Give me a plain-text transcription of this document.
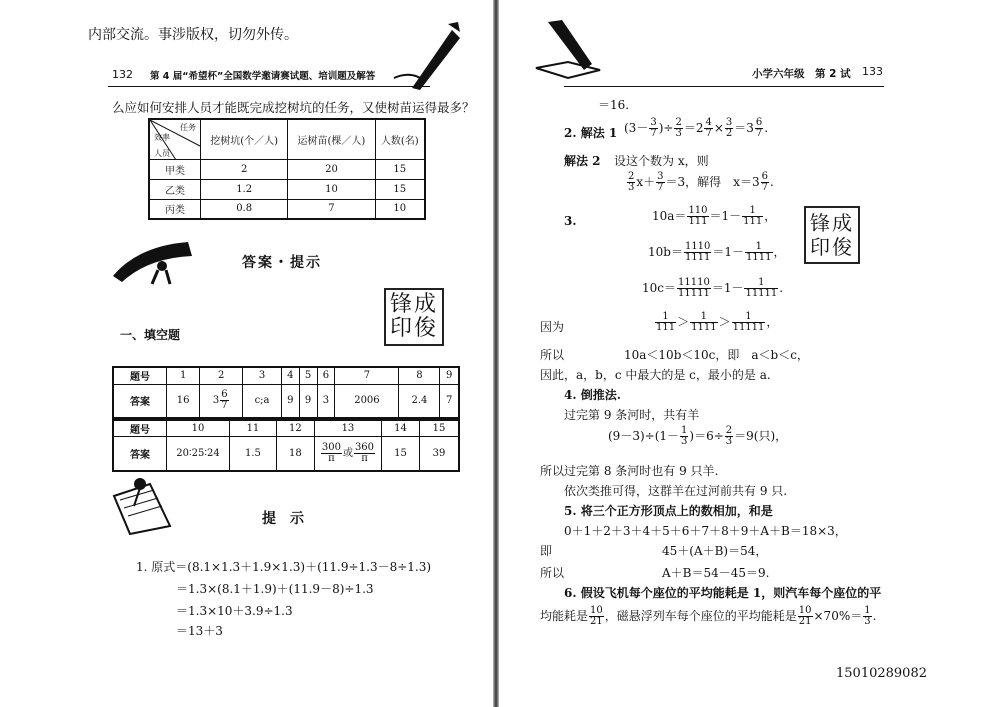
内部交流。事涉版权，切勿外传。
132 第 4 届“希望杯”全国数学邀请赛试题、培训题及解答
么应如何安排人员才能既完成挖树坑的任务，又使树苗运得最多？
任务
效率
人员	挖树坑(个／人)	运树苗(棵／人)	人数(名)
甲类	2	20	15
乙类	1.2	10	15
丙类	0.8	7	10
答案・提示
锋成
印俊
一、填空题
题号	1	2	3	4	5	6	7	8	9
答案	16	$3 \frac{6}{7}$	c;a	9	9	3	2006	2.4	7
题号	10	11	12	13	14	15
答案	20∶25∶24	1.5	18	$\frac{300}{\pi}$ 或 $\frac{360}{\pi}$	15	39
提　示
1. 原式＝(8.1×1.3＋1.9×1.3)＋(11.9÷1.3－8÷1.3)
＝1.3×(8.1＋1.9)＋(11.9－8)÷1.3
＝1.3×10＋3.9÷1.3
＝13＋3
小学六年级　第 2 试 133
＝16.
2. 解法 1 ($3- \frac{3}{7}$ )÷ $\frac{2}{3} =2 \frac{4}{7} \times \frac{3}{2} =3 \frac{6}{7}$ .
解法 2 设这个数为 x，则
$\frac{2}{3} x+ \frac{3}{7} =3$，解得　 $x=3 \frac{6}{7}$ .
3.	$10a= \frac{110}{111} =1- \frac{1}{111}$ ，
$10b= \frac{1110}{1111} =1- \frac{1}{1111}$ ，
$10c= \frac{11110}{11111} =1- \frac{1}{11111}$ .
锋成
印俊
因为	$\frac{1}{111} > \frac{1}{1111} > \frac{1}{11111}$ ，
所以	10a＜10b＜10c，即　a＜b＜c，
因此，a，b，c 中最大的是 c，最小的是 a.
4. 倒推法.
过完第 9 条河时，共有羊
$(9-3)\div(1- \frac{1}{3} )=6\div \frac{2}{3} =9$(只)，
所以过完第 8 条河时也有 9 只羊.
依次类推可得，这群羊在过河前共有 9 只.
5. 将三个正方形顶点上的数相加，和是
0＋1＋2＋3＋4＋5＋6＋7＋8＋9＋A＋B＝18×3，
即	45＋(A＋B)＝54，
所以	A＋B＝54－45＝9.
6. 假设飞机每个座位的平均能耗是 1，则汽车每个座位的平
均能耗是 $\frac{10}{21}$ ，磁悬浮列车每个座位的平均能耗是 $\frac{10}{21} \times 70\%= \frac{1}{3}$ .
15010289082
